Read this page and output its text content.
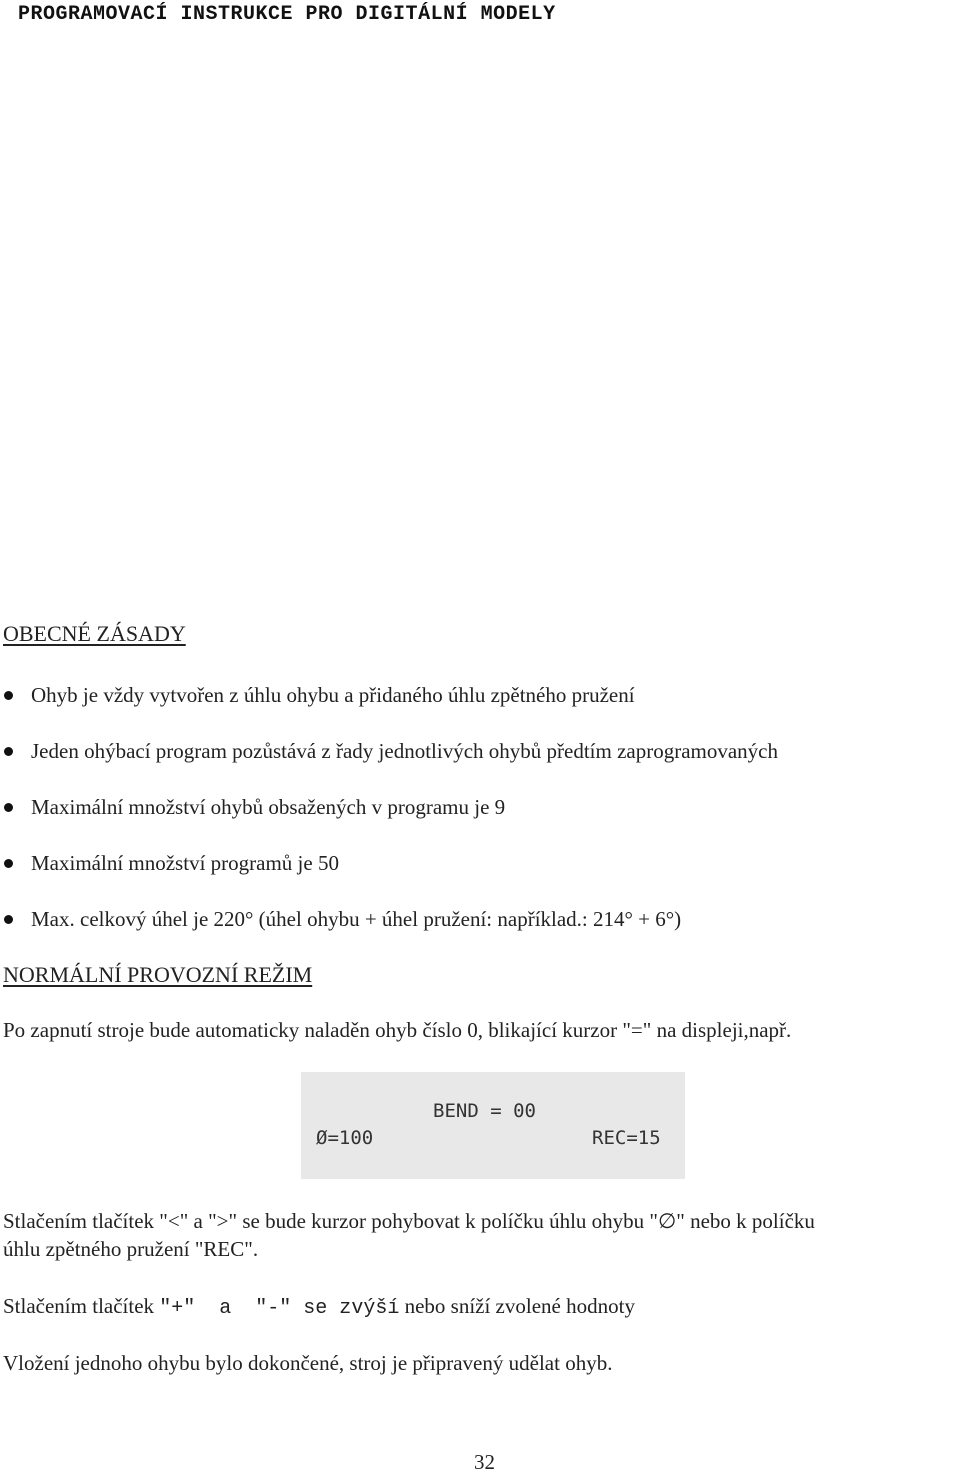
PROGRAMOVACÍ INSTRUKCE PRO DIGITÁLNÍ MODELY
OBECNÉ ZÁSADY
Ohyb je vždy vytvořen z úhlu ohybu a přidaného úhlu zpětného pružení
Jeden ohýbací program pozůstává z řady jednotlivých ohybů předtím zaprogramovaných
Maximální množství ohybů obsažených v programu je 9
Maximální množství programů je 50
Max. celkový úhel je 220° (úhel ohybu + úhel pružení: například.: 214° + 6°)
NORMÁLNÍ PROVOZNÍ REŽIM
Po zapnutí stroje bude automaticky naladěn ohyb číslo 0, blikající kurzor "=" na displeji,např.
BEND = 00
Ø=100	REC=15
Stlačením tlačítek "<" a ">" se bude kurzor pohybovat k políčku úhlu ohybu "∅" nebo k políčku
úhlu zpětného pružení "REC".
Stlačením tlačítek ″+″  a  ″-″ se zvýší nebo sníží zvolené hodnoty
Vložení jednoho ohybu bylo dokončené, stroj je připravený udělat ohyb.
32
